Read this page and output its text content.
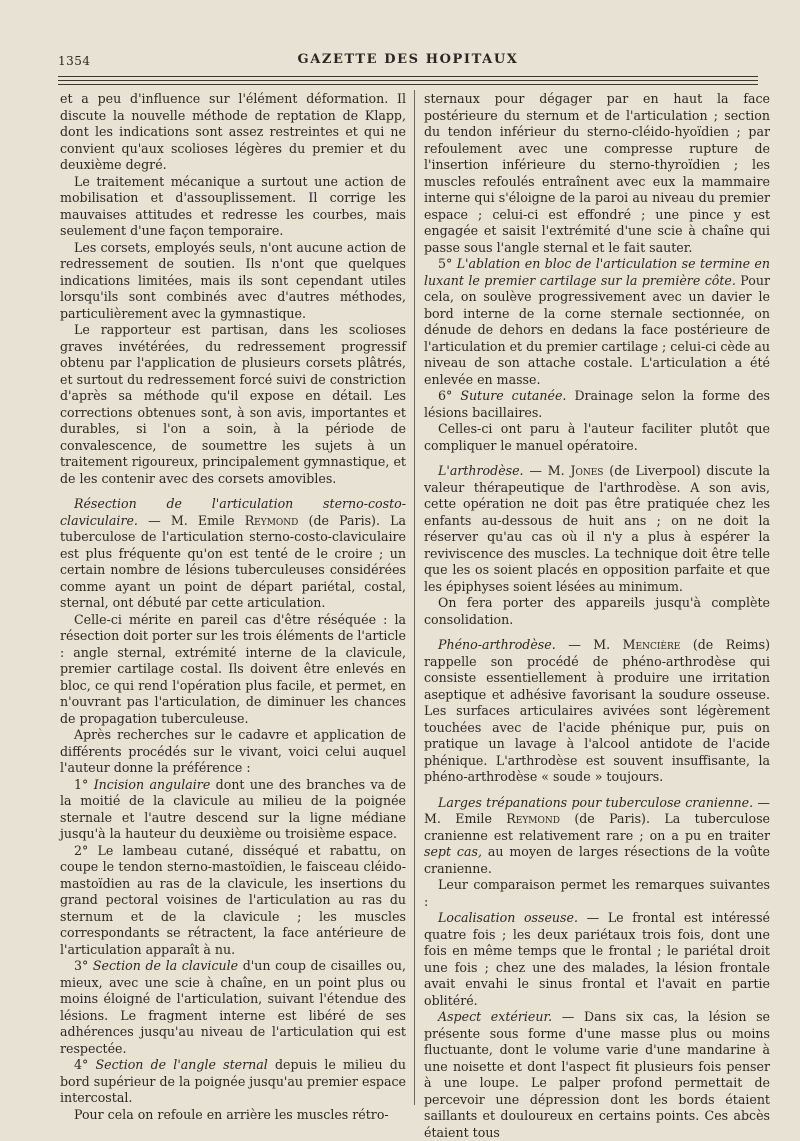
1354	GAZETTE DES HOPITAUX

et a peu d'influence sur l'élément déformation. Il discute la nouvelle méthode de reptation de Klapp, dont les indications sont assez restreintes et qui ne convient qu'aux scolioses légères du premier et du deuxième degré.

Le traitement mécanique a surtout une action de mobilisation et d'assouplissement. Il corrige les mauvaises attitudes et redresse les courbes, mais seulement d'une façon temporaire.

Les corsets, employés seuls, n'ont aucune action de redressement de soutien. Ils n'ont que quelques indications limitées, mais ils sont cependant utiles lorsqu'ils sont combinés avec d'autres méthodes, particulièrement avec la gymnastique.

Le rapporteur est partisan, dans les scolioses graves invétérées, du redressement progressif obtenu par l'application de plusieurs corsets plâtrés, et surtout du redressement forcé suivi de constriction d'après sa méthode qu'il expose en détail. Les corrections obtenues sont, à son avis, importantes et durables, si l'on a soin, à la période de convalescence, de soumettre les sujets à un traitement rigoureux, principalement gymnastique, et de les contenir avec des corsets amovibles.

Résection de l'articulation sterno-costo-claviculaire. — M. Emile Reymond (de Paris). La tuberculose de l'articulation sterno-costo-claviculaire est plus fréquente qu'on est tenté de le croire ; un certain nombre de lésions tuberculeuses considérées comme ayant un point de départ pariétal, costal, sternal, ont débuté par cette articulation.

Celle-ci mérite en pareil cas d'être réséquée : la résection doit porter sur les trois éléments de l'article : angle sternal, extrémité interne de la clavicule, premier cartilage costal. Ils doivent être enlevés en bloc, ce qui rend l'opération plus facile, et permet, en n'ouvrant pas l'articulation, de diminuer les chances de propagation tuberculeuse.

Après recherches sur le cadavre et application de différents procédés sur le vivant, voici celui auquel l'auteur donne la préférence :

1° Incision angulaire dont une des branches va de la moitié de la clavicule au milieu de la poignée sternale et l'autre descend sur la ligne médiane jusqu'à la hauteur du deuxième ou troisième espace.

2° Le lambeau cutané, disséqué et rabattu, on coupe le tendon sterno-mastoïdien, le faisceau cléido-mastoïdien au ras de la clavicule, les insertions du grand pectoral voisines de l'articulation au ras du sternum et de la clavicule ; les muscles correspondants se rétractent, la face antérieure de l'articulation apparaît à nu.

3° Section de la clavicule d'un coup de cisailles ou, mieux, avec une scie à chaîne, en un point plus ou moins éloigné de l'articulation, suivant l'étendue des lésions. Le fragment interne est libéré de ses adhérences jusqu'au niveau de l'articulation qui est respectée.

4° Section de l'angle sternal depuis le milieu du bord supérieur de la poignée jusqu'au premier espace intercostal.

Pour cela on refoule en arrière les muscles rétro-

sternaux pour dégager par en haut la face postérieure du sternum et de l'articulation ; section du tendon inférieur du sterno-cléido-hyoïdien ; par refoulement avec une compresse rupture de l'insertion inférieure du sterno-thyroïdien ; les muscles refoulés entraînent avec eux la mammaire interne qui s'éloigne de la paroi au niveau du premier espace ; celui-ci est effondré ; une pince y est engagée et saisit l'extrémité d'une scie à chaîne qui passe sous l'angle sternal et le fait sauter.

5° L'ablation en bloc de l'articulation se termine en luxant le premier cartilage sur la première côte. Pour cela, on soulève progressivement avec un davier le bord interne de la corne sternale sectionnée, on dénude de dehors en dedans la face postérieure de l'articulation et du premier cartilage ; celui-ci cède au niveau de son attache costale. L'articulation a été enlevée en masse.

6° Suture cutanée. Drainage selon la forme des lésions bacillaires.

Celles-ci ont paru à l'auteur faciliter plutôt que compliquer le manuel opératoire.

L'arthrodèse. — M. Jones (de Liverpool) discute la valeur thérapeutique de l'arthrodèse. A son avis, cette opération ne doit pas être pratiquée chez les enfants au-dessous de huit ans ; on ne doit la réserver qu'au cas où il n'y a plus à espérer la reviviscence des muscles. La technique doit être telle que les os soient placés en opposition parfaite et que les épiphyses soient lésées au minimum.

On fera porter des appareils jusqu'à complète consolidation.

Phéno-arthrodèse. — M. Mencière (de Reims) rappelle son procédé de phéno-arthrodèse qui consiste essentiellement à produire une irritation aseptique et adhésive favorisant la soudure osseuse. Les surfaces articulaires avivées sont légèrement touchées avec de l'acide phénique pur, puis on pratique un lavage à l'alcool antidote de l'acide phénique. L'arthrodèse est souvent insuffisante, la phéno-arthrodèse « soude » toujours.

Larges trépanations pour tuberculose cranienne. — M. Emile Reymond (de Paris). La tuberculose cranienne est relativement rare ; on a pu en traiter sept cas, au moyen de larges résections de la voûte cranienne.

Leur comparaison permet les remarques suivantes :

Localisation osseuse. — Le frontal est intéressé quatre fois ; les deux pariétaux trois fois, dont une fois en même temps que le frontal ; le pariétal droit une fois ; chez une des malades, la lésion frontale avait envahi le sinus frontal et l'avait en partie oblitéré.

Aspect extérieur. — Dans six cas, la lésion se présente sous forme d'une masse plus ou moins fluctuante, dont le volume varie d'une mandarine à une noisette et dont l'aspect fit plusieurs fois penser à une loupe. Le palper profond permettait de percevoir une dépression dont les bords étaient saillants et douloureux en certains points. Ces abcès étaient tous
